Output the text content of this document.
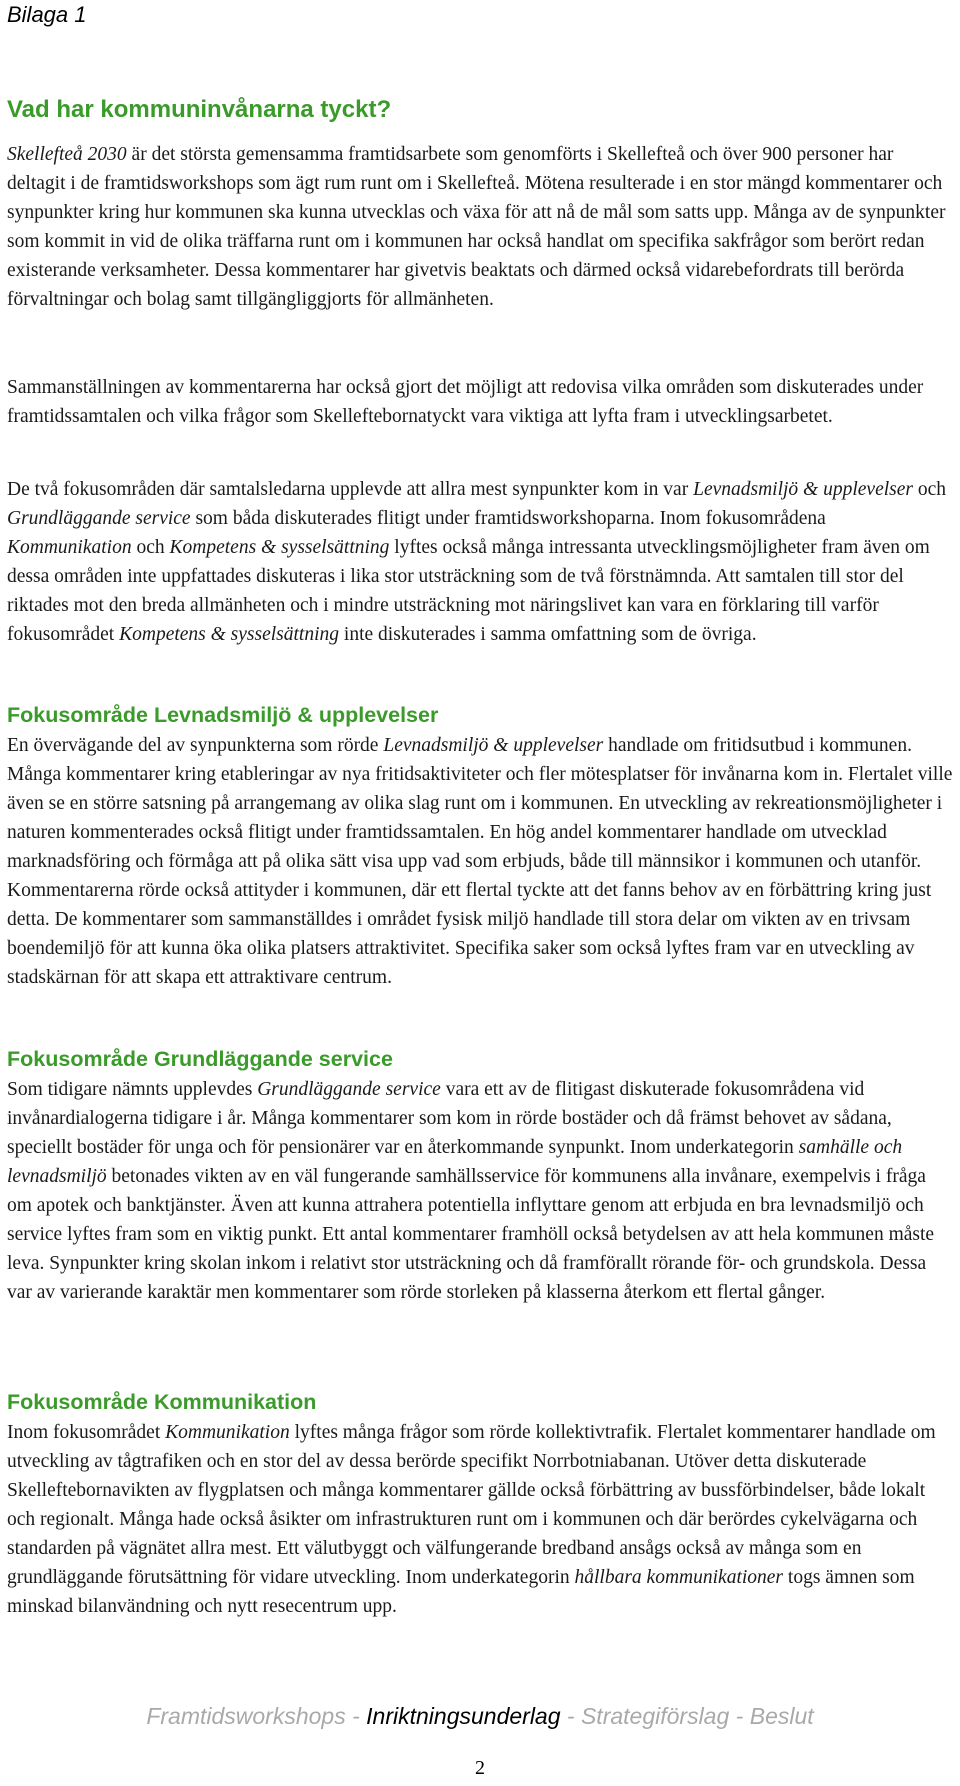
Bilaga 1
Vad har kommuninvånarna tyckt?

Skellefteå 2030 är det största gemensamma framtidsarbete som genomförts i Skellefteå och över 900 personer har deltagit i de framtidsworkshops som ägt rum runt om i Skellefteå. Mötena resulterade i en stor mängd kommentarer och synpunkter kring hur kommunen ska kunna utvecklas och växa för att nå de mål som satts upp. Många av de synpunkter som kommit in vid de olika träffarna runt om i kommunen har också handlat om specifika sakfrågor som berört redan existerande verksamheter. Dessa kommentarer har givetvis beaktats och därmed också vidarebefordrats till berörda förvaltningar och bolag samt tillgängliggjorts för allmänheten.

Sammanställningen av kommentarerna har också gjort det möjligt att redovisa vilka områden som diskuterades under framtidssamtalen och vilka frågor som Skelleftebornatyckt vara viktiga att lyfta fram i utvecklingsarbetet.

De två fokusområden där samtalsledarna upplevde att allra mest synpunkter kom in var Levnadsmiljö & upplevelser och Grundläggande service som båda diskuterades flitigt under framtidsworkshoparna. Inom fokusområdena Kommunikation och Kompetens & sysselsättning lyftes också många intressanta utvecklingsmöjligheter fram även om dessa områden inte uppfattades diskuteras i lika stor utsträckning som de två förstnämnda. Att samtalen till stor del riktades mot den breda allmänheten och i mindre utsträckning mot näringslivet kan vara en förklaring till varför fokusområdet Kompetens & sysselsättning inte diskuterades i samma omfattning som de övriga.

Fokusområde Levnadsmiljö & upplevelser

En övervägande del av synpunkterna som rörde Levnadsmiljö & upplevelser handlade om fritidsutbud i kommunen. Många kommentarer kring etableringar av nya fritidsaktiviteter och fler mötesplatser för invånarna kom in. Flertalet ville även se en större satsning på arrangemang av olika slag runt om i kommunen. En utveckling av rekreationsmöjligheter i naturen kommenterades också flitigt under framtidssamtalen. En hög andel kommentarer handlade om utvecklad marknadsföring och förmåga att på olika sätt visa upp vad som erbjuds, både till männsikor i kommunen och utanför. Kommentarerna rörde också attityder i kommunen, där ett flertal tyckte att det fanns behov av en förbättring kring just detta. De kommentarer som sammanställdes i området fysisk miljö handlade till stora delar om vikten av en trivsam boendemiljö för att kunna öka olika platsers attraktivitet. Specifika saker som också lyftes fram var en utveckling av stadskärnan för att skapa ett attraktivare centrum.

Fokusområde Grundläggande service

Som tidigare nämnts upplevdes Grundläggande service vara ett av de flitigast diskuterade fokusområdena vid invånardialogerna tidigare i år. Många kommentarer som kom in rörde bostäder och då främst behovet av sådana, speciellt bostäder för unga och för pensionärer var en återkommande synpunkt. Inom underkategorin samhälle och levnadsmiljö betonades vikten av en väl fungerande samhällsservice för kommunens alla invånare, exempelvis i fråga om apotek och banktjänster. Även att kunna attrahera potentiella inflyttare genom att erbjuda en bra levnadsmiljö och service lyftes fram som en viktig punkt. Ett antal kommentarer framhöll också betydelsen av att hela kommunen måste leva. Synpunkter kring skolan inkom i relativt stor utsträckning och då framförallt rörande för- och grundskola. Dessa var av varierande karaktär men kommentarer som rörde storleken på klasserna återkom ett flertal gånger.

Fokusområde Kommunikation

Inom fokusområdet Kommunikation lyftes många frågor som rörde kollektivtrafik. Flertalet kommentarer handlade om utveckling av tågtrafiken och en stor del av dessa berörde specifikt Norrbotniabanan. Utöver detta diskuterade Skelleftebornavikten av flygplatsen och många kommentarer gällde också förbättring av bussförbindelser, både lokalt och regionalt. Många hade också åsikter om infrastrukturen runt om i kommunen och där berördes cykelvägarna och standarden på vägnätet allra mest. Ett välutbyggt och välfungerande bredband ansågs också av många som en grundläggande förutsättning för vidare utveckling. Inom underkategorin hållbara kommunikationer togs ämnen som minskad bilanvändning och nytt resecentrum upp.

Framtidsworkshops - Inriktningsunderlag - Strategiförslag - Beslut
2
